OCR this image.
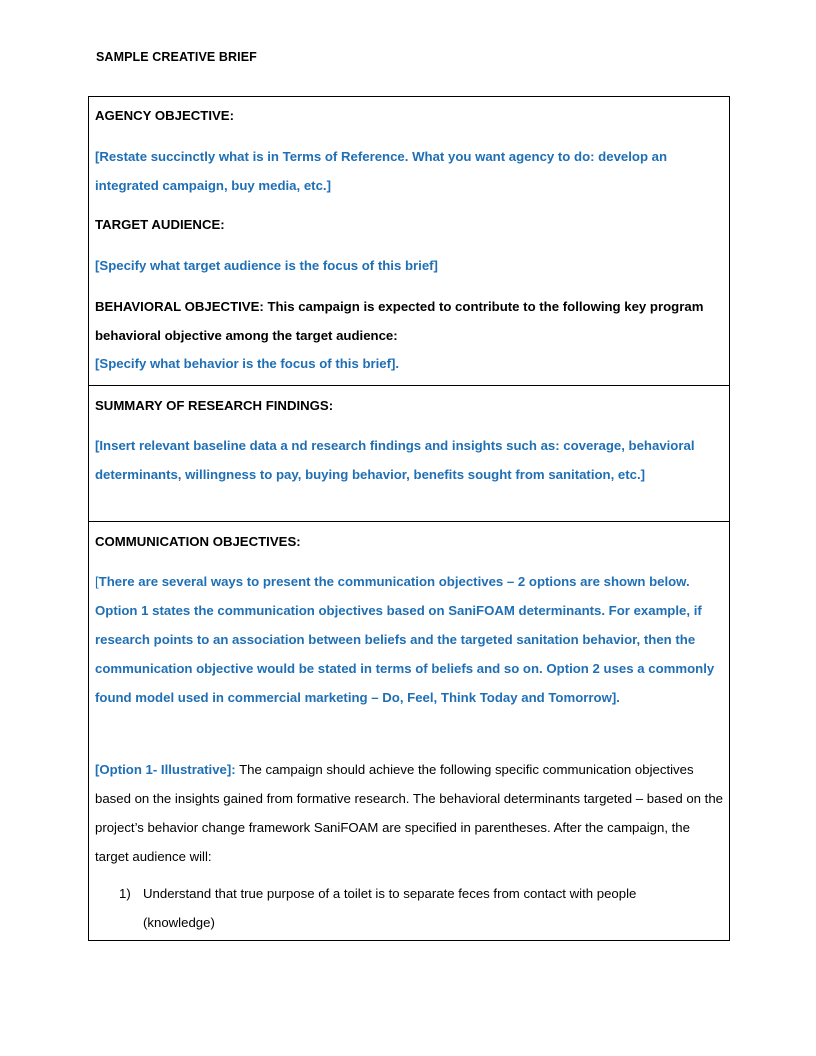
SAMPLE CREATIVE BRIEF

AGENCY OBJECTIVE:

[Restate succinctly what is in Terms of Reference. What you want agency to do: develop an integrated campaign, buy media, etc.]

TARGET AUDIENCE:

[Specify what target audience is the focus of this brief]

BEHAVIORAL OBJECTIVE: This campaign is expected to contribute to the following key program behavioral objective among the target audience:

[Specify what behavior is the focus of this brief].

SUMMARY OF RESEARCH FINDINGS:

[Insert relevant baseline data a nd research findings and insights such as: coverage, behavioral determinants, willingness to pay, buying behavior, benefits sought from sanitation, etc.]

COMMUNICATION OBJECTIVES:

[There are several ways to present the communication objectives – 2 options are shown below. Option 1 states the communication objectives based on SaniFOAM determinants. For example, if research points to an association between beliefs and the targeted sanitation behavior, then the communication objective would be stated in terms of beliefs and so on. Option 2 uses a commonly found model used in commercial marketing – Do, Feel, Think Today and Tomorrow].

[Option 1- Illustrative]: The campaign should achieve the following specific communication objectives based on the insights gained from formative research. The behavioral determinants targeted – based on the project’s behavior change framework SaniFOAM are specified in parentheses. After the campaign, the target audience will:

1) Understand that true purpose of a toilet is to separate feces from contact with people (knowledge)
